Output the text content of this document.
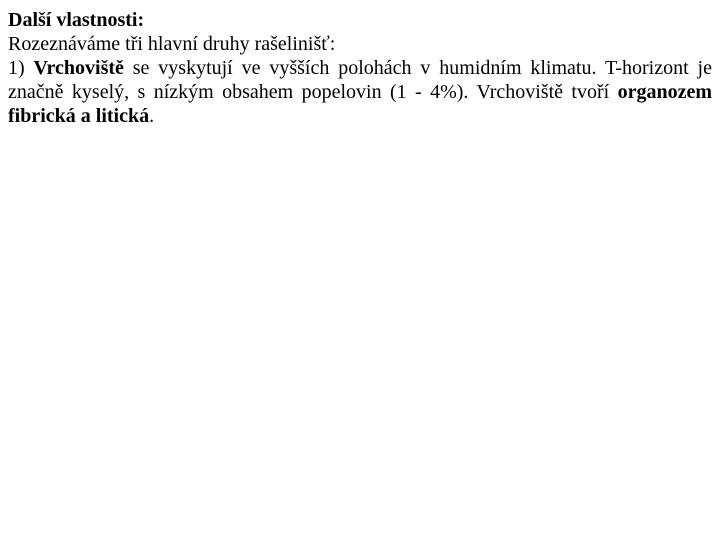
Další vlastnosti:

Rozeznáváme tři hlavní druhy rašelinišť:

1) Vrchoviště se vyskytují ve vyšších polohách v humidním klimatu. T-horizont je značně kyselý, s nízkým obsahem popelovin (1 - 4%). Vrchoviště tvoří organozem fibrická a litická.
